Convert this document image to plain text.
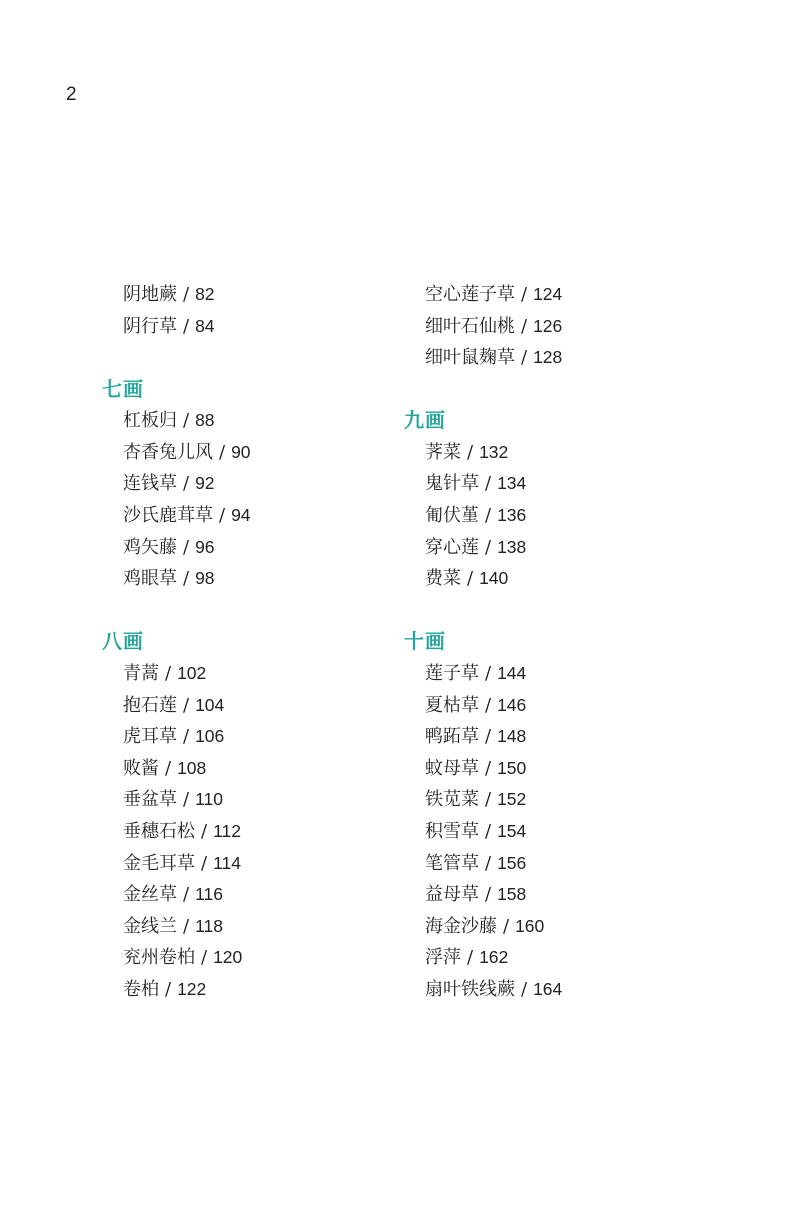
2
阴地蕨 / 82
阴行草 / 84
七画
杠板归 / 88
杏香兔儿风 / 90
连钱草 / 92
沙氏鹿茸草 / 94
鸡矢藤 / 96
鸡眼草 / 98
八画
青蒿 / 102
抱石莲 / 104
虎耳草 / 106
败酱 / 108
垂盆草 / 110
垂穗石松 / 112
金毛耳草 / 114
金丝草 / 116
金线兰 / 118
兖州卷柏 / 120
卷柏 / 122
空心莲子草 / 124
细叶石仙桃 / 126
细叶鼠麹草 / 128
九画
荠菜 / 132
鬼针草 / 134
匍伏堇 / 136
穿心莲 / 138
费菜 / 140
十画
莲子草 / 144
夏枯草 / 146
鸭跖草 / 148
蚊母草 / 150
铁苋菜 / 152
积雪草 / 154
笔管草 / 156
益母草 / 158
海金沙藤 / 160
浮萍 / 162
扇叶铁线蕨 / 164
